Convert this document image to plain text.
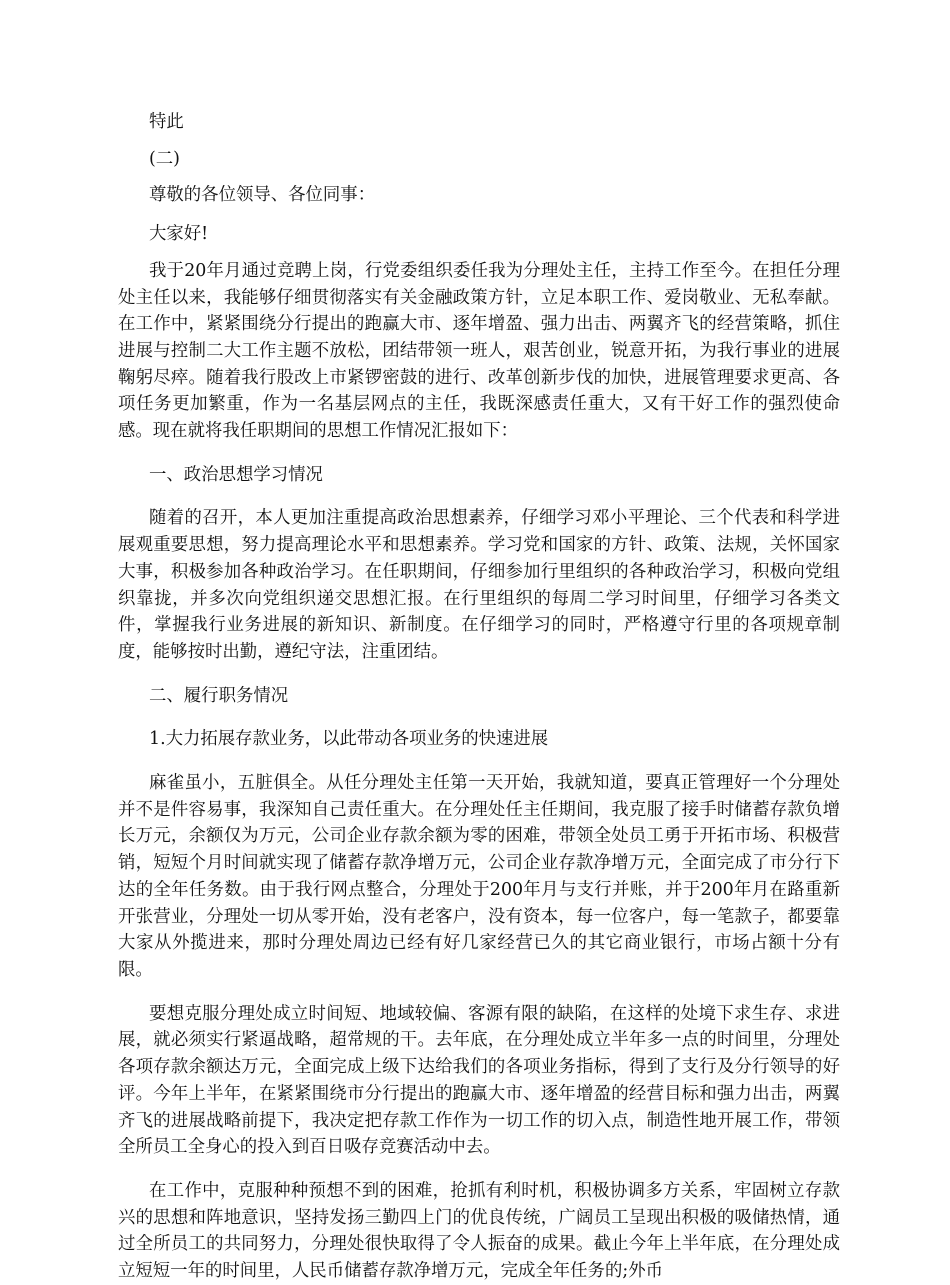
特此

(二)

尊敬的各位领导、各位同事：

大家好!

我于20年月通过竞聘上岗，行党委组织委任我为分理处主任，主持工作至今。在担任分理处主任以来，我能够仔细贯彻落实有关金融政策方针，立足本职工作、爱岗敬业、无私奉献。在工作中，紧紧围绕分行提出的跑赢大市、逐年增盈、强力出击、两翼齐飞的经营策略，抓住进展与控制二大工作主题不放松，团结带领一班人，艰苦创业，锐意开拓，为我行事业的进展鞠躬尽瘁。随着我行股改上市紧锣密鼓的进行、改革创新步伐的加快，进展管理要求更高、各项任务更加繁重，作为一名基层网点的主任，我既深感责任重大，又有干好工作的强烈使命感。现在就将我任职期间的思想工作情况汇报如下：

一、政治思想学习情况

随着的召开，本人更加注重提高政治思想素养，仔细学习邓小平理论、三个代表和科学进展观重要思想，努力提高理论水平和思想素养。学习党和国家的方针、政策、法规，关怀国家大事，积极参加各种政治学习。在任职期间，仔细参加行里组织的各种政治学习，积极向党组织靠拢，并多次向党组织递交思想汇报。在行里组织的每周二学习时间里，仔细学习各类文件，掌握我行业务进展的新知识、新制度。在仔细学习的同时，严格遵守行里的各项规章制度，能够按时出勤，遵纪守法，注重团结。

二、履行职务情况

1.大力拓展存款业务，以此带动各项业务的快速进展

麻雀虽小，五脏俱全。从任分理处主任第一天开始，我就知道，要真正管理好一个分理处并不是件容易事，我深知自己责任重大。在分理处任主任期间，我克服了接手时储蓄存款负增长万元，余额仅为万元，公司企业存款余额为零的困难，带领全处员工勇于开拓市场、积极营销，短短个月时间就实现了储蓄存款净增万元，公司企业存款净增万元，全面完成了市分行下达的全年任务数。由于我行网点整合，分理处于200年月与支行并账，并于200年月在路重新开张营业，分理处一切从零开始，没有老客户，没有资本，每一位客户，每一笔款子，都要靠大家从外揽进来，那时分理处周边已经有好几家经营已久的其它商业银行，市场占额十分有限。

要想克服分理处成立时间短、地域较偏、客源有限的缺陷，在这样的处境下求生存、求进展，就必须实行紧逼战略，超常规的干。去年底，在分理处成立半年多一点的时间里，分理处各项存款余额达万元，全面完成上级下达给我们的各项业务指标，得到了支行及分行领导的好评。今年上半年，在紧紧围绕市分行提出的跑赢大市、逐年增盈的经营目标和强力出击，两翼齐飞的进展战略前提下，我决定把存款工作作为一切工作的切入点，制造性地开展工作，带领全所员工全身心的投入到百日吸存竞赛活动中去。

在工作中，克服种种预想不到的困难，抢抓有利时机，积极协调多方关系，牢固树立存款兴的思想和阵地意识，坚持发扬三勤四上门的优良传统，广阔员工呈现出积极的吸储热情，通过全所员工的共同努力，分理处很快取得了令人振奋的成果。截止今年上半年底，在分理处成立短短一年的时间里，人民币储蓄存款净增万元，完成全年任务的;外币
